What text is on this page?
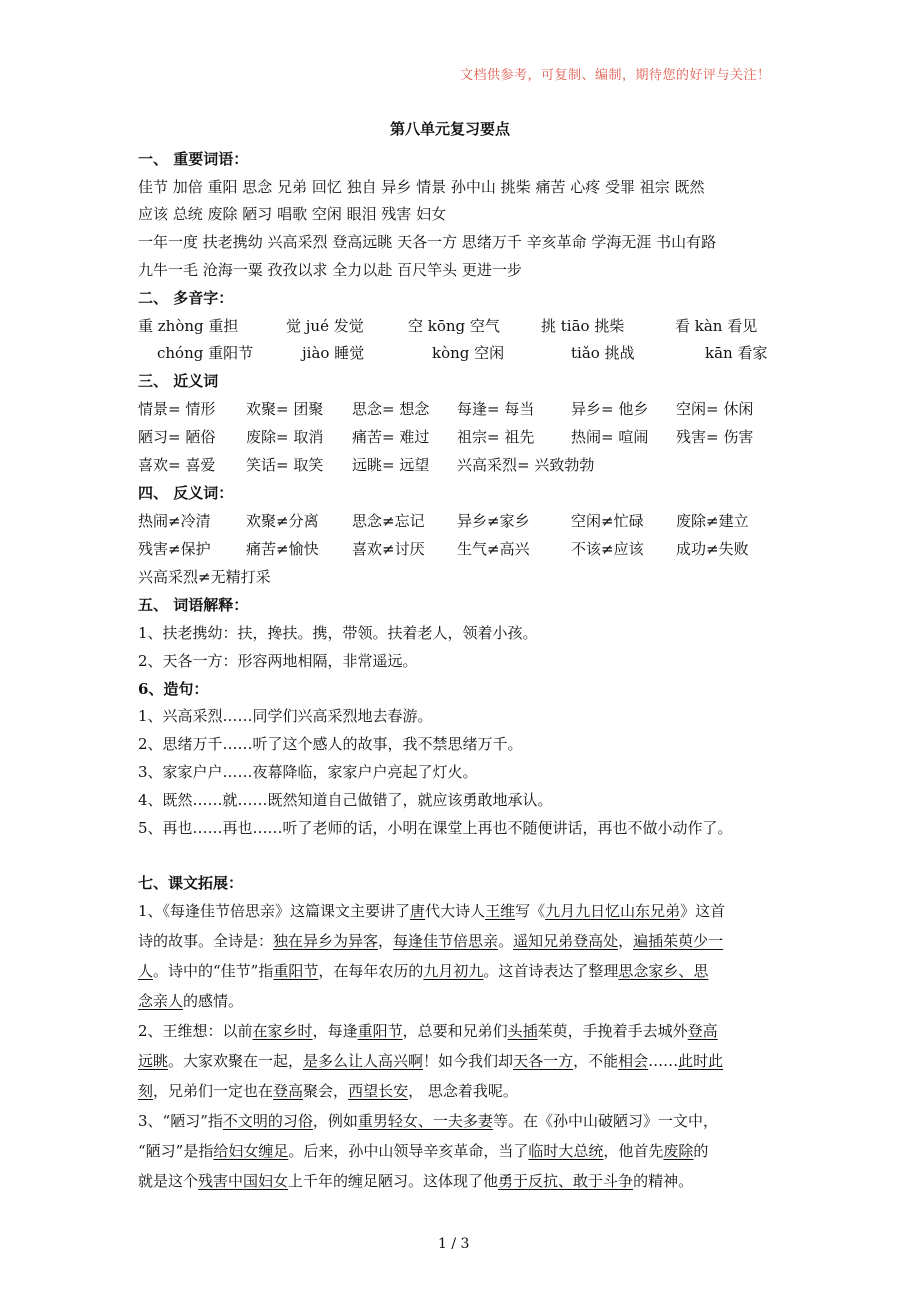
文档供参考，可复制、编制，期待您的好评与关注！
第八单元复习要点
一、 重要词语：
佳节 加倍 重阳 思念 兄弟 回忆 独自 异乡 情景 孙中山 挑柴 痛苦 心疼 受罪 祖宗 既然
应该 总统 废除 陋习 唱歌 空闲 眼泪 残害 妇女
一年一度 扶老携幼 兴高采烈 登高远眺 天各一方 思绪万千 辛亥革命 学海无涯 书山有路
九牛一毛 沧海一粟 孜孜以求 全力以赴 百尺竿头 更进一步
二、 多音字：
重 zhòng 重担	觉 jué 发觉	空 kōng 空气	挑 tiāo 挑柴	看 kàn 看见
chóng 重阳节	jiào 睡觉	kòng 空闲	tiǎo 挑战	kān 看家
三、 近义词
情景= 情形 欢聚= 团聚 思念= 想念 每逢= 每当 异乡= 他乡 空闲= 休闲
陋习= 陋俗 废除= 取消 痛苦= 难过 祖宗= 祖先 热闹= 喧闹 残害= 伤害
喜欢= 喜爱 笑话= 取笑 远眺= 远望 兴高采烈= 兴致勃勃
四、 反义词：
热闹≠冷清 欢聚≠分离 思念≠忘记 异乡≠家乡	空闲≠忙碌 废除≠建立
残害≠保护 痛苦≠愉快 喜欢≠讨厌 生气≠高兴	不该≠应该 成功≠失败
兴高采烈≠无精打采
五、 词语解释：
1、扶老携幼：扶，搀扶。携，带领。扶着老人，领着小孩。
2、天各一方：形容两地相隔，非常遥远。
6、造句：
1、兴高采烈……同学们兴高采烈地去春游。
2、思绪万千……听了这个感人的故事，我不禁思绪万千。
3、家家户户……夜幕降临，家家户户亮起了灯火。
4、既然……就……既然知道自己做错了，就应该勇敢地承认。
5、再也……再也……听了老师的话，小明在课堂上再也不随便讲话，再也不做小动作了。
七、课文拓展：
1、《每逢佳节倍思亲》这篇课文主要讲了唐代大诗人王维写《九月九日忆山东兄弟》这首
诗的故事。全诗是：独在异乡为异客，每逢佳节倍思亲。遥知兄弟登高处，遍插茱萸少一
人。诗中的“佳节”指重阳节，在每年农历的九月初九。这首诗表达了整理思念家乡、思
念亲人的感情。
2、王维想：以前在家乡时，每逢重阳节，总要和兄弟们头插茱萸，手挽着手去城外登高
远眺。大家欢聚在一起，是多么让人高兴啊！如今我们却天各一方，不能相会……此时此
刻，兄弟们一定也在登高聚会，西望长安， 思念着我呢。
3、“陋习”指不文明的习俗，例如重男轻女、一夫多妻等。在《孙中山破陋习》一文中，
“陋习”是指给妇女缠足。后来，孙中山领导辛亥革命，当了临时大总统，他首先废除的
就是这个残害中国妇女上千年的缠足陋习。这体现了他勇于反抗、敢于斗争的精神。
1 / 3
